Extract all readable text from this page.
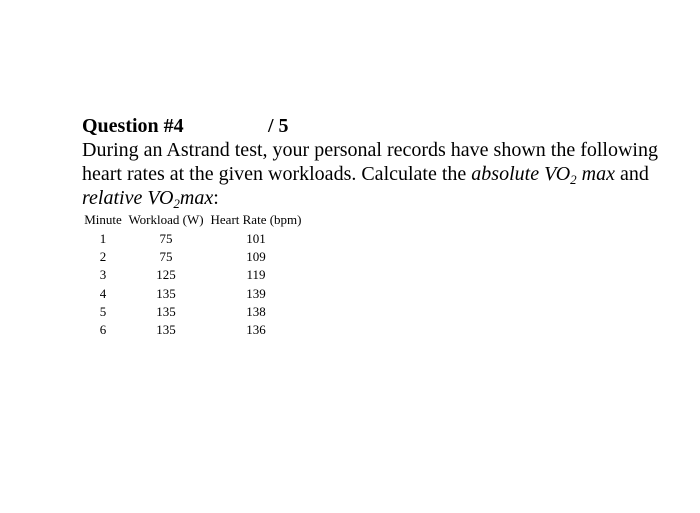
Question #4	/ 5
During an Astrand test, your personal records have shown the following heart rates at the given workloads. Calculate the absolute $VO_2$ max and relative $VO_2\max$:
Minute	Workload (W)	Heart Rate (bpm)
1	75	101
2	75	109
3	125	119
4	135	139
5	135	138
6	135	136
